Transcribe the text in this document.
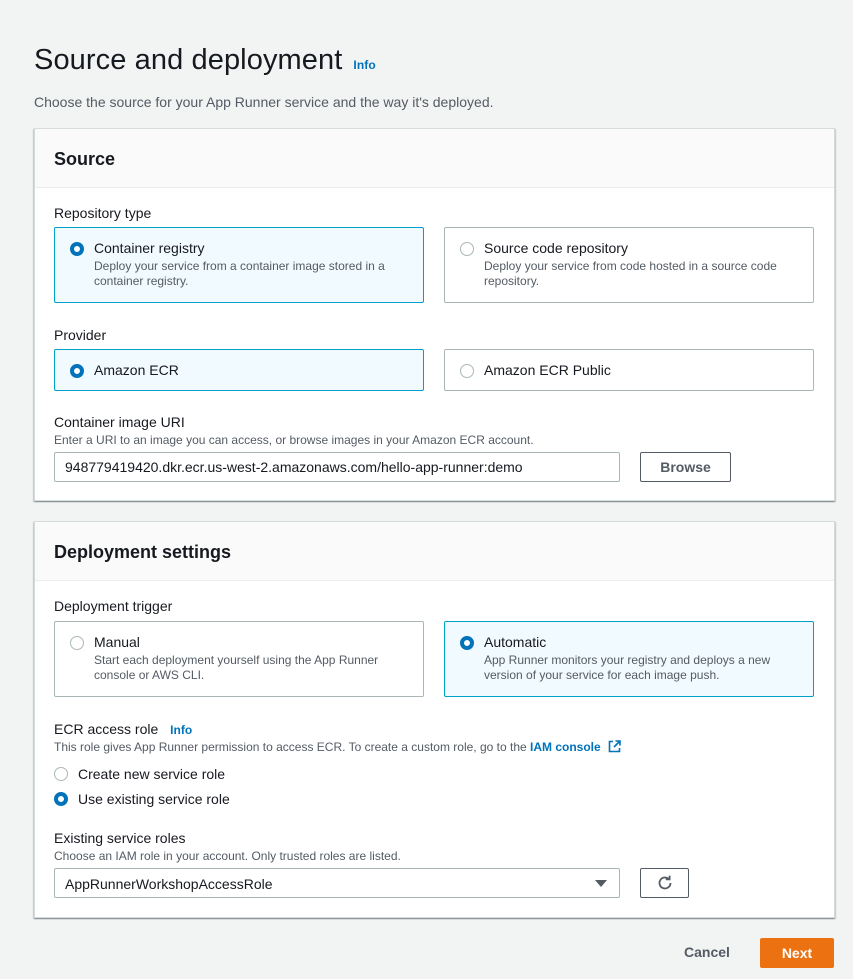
Source and deployment Info
Choose the source for your App Runner service and the way it's deployed.
Source
Repository type
Container registry
Deploy your service from a container image stored in a container registry.
Source code repository
Deploy your service from code hosted in a source code repository.
Provider
Amazon ECR	Amazon ECR Public
Container image URI
Enter a URI to an image you can access, or browse images in your Amazon ECR account.
948779419420.dkr.ecr.us-west-2.amazonaws.com/hello-app-runner:demo
Browse
Deployment settings
Deployment trigger
Manual
Start each deployment yourself using the App Runner console or AWS CLI.
Automatic
App Runner monitors your registry and deploys a new version of your service for each image push.
ECR access role Info
This role gives App Runner permission to access ECR. To create a custom role, go to the IAM console
Create new service role
Use existing service role
Existing service roles
Choose an IAM role in your account. Only trusted roles are listed.
AppRunnerWorkshopAccessRole
Cancel	Next
